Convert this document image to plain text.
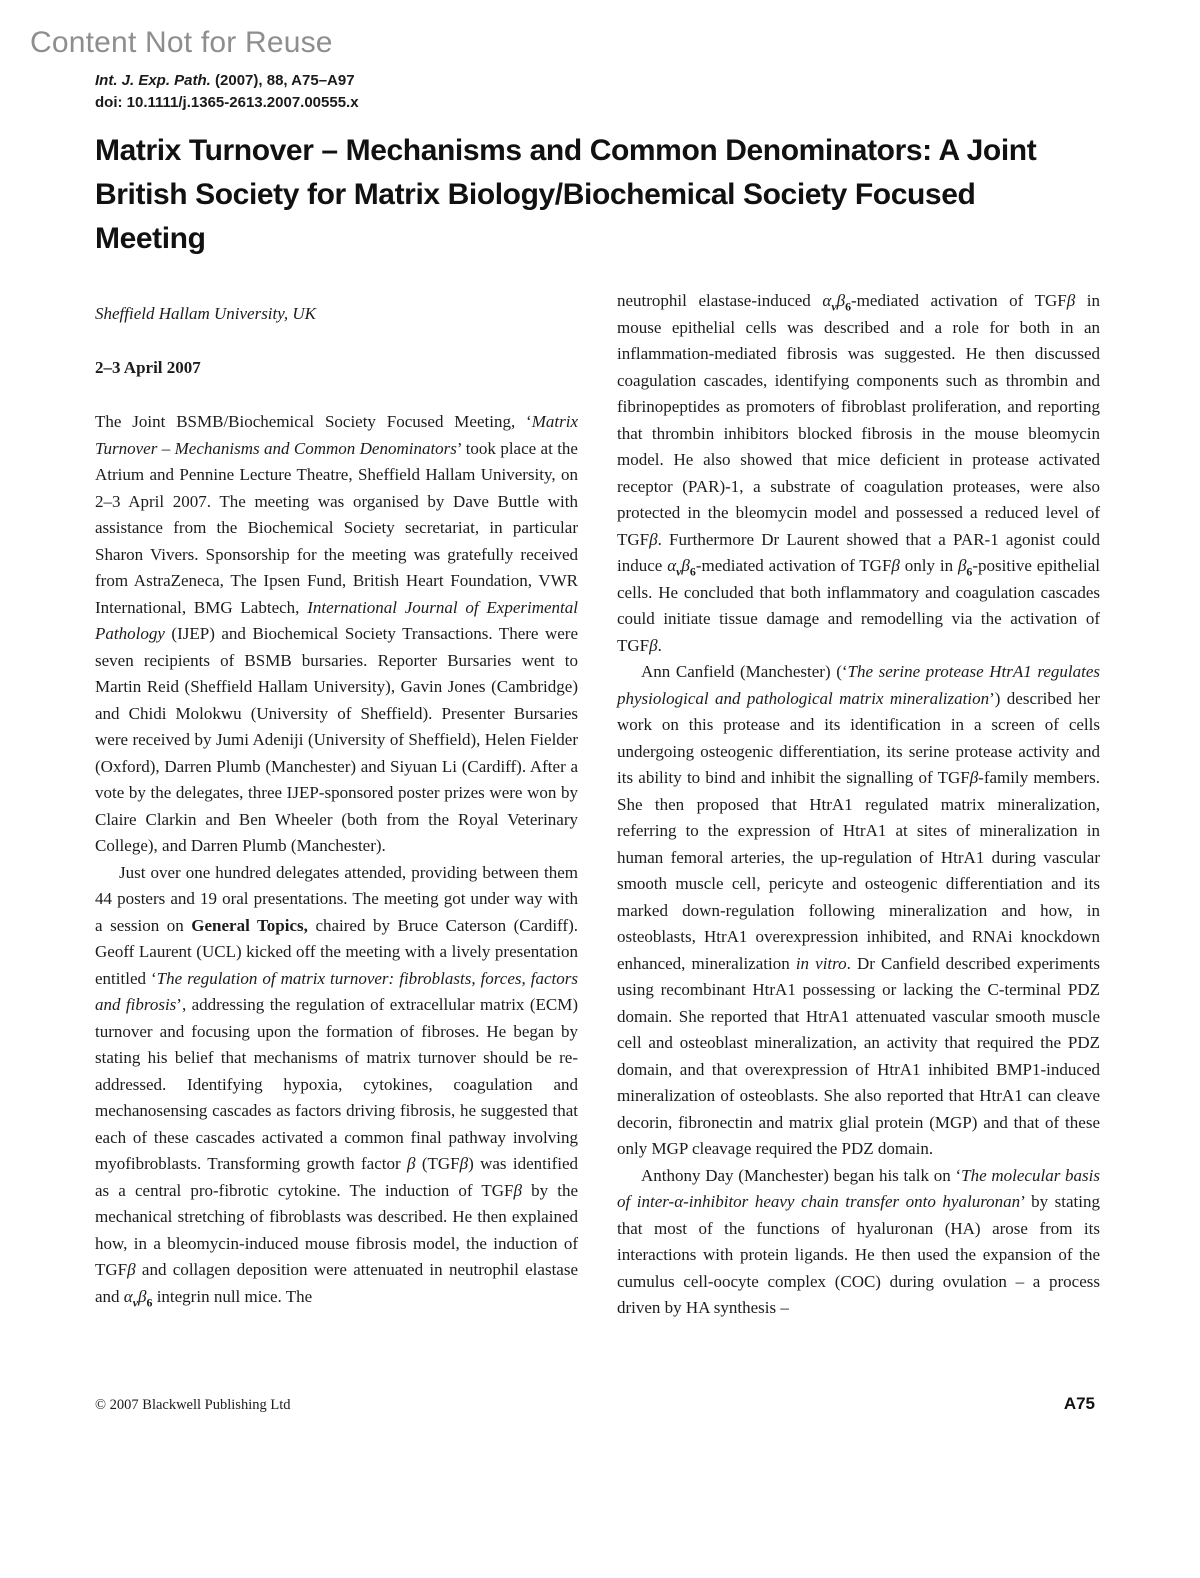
Content Not for Reuse
Int. J. Exp. Path. (2007), 88, A75–A97
doi: 10.1111/j.1365-2613.2007.00555.x
Matrix Turnover – Mechanisms and Common Denominators: A Joint
British Society for Matrix Biology/Biochemical Society Focused
Meeting
Sheffield Hallam University, UK
2–3 April 2007

The Joint BSMB/Biochemical Society Focused Meeting, ‘Matrix Turnover – Mechanisms and Common Denominators’ took place at the Atrium and Pennine Lecture Theatre, Sheffield Hallam University, on 2–3 April 2007. The meeting was organised by Dave Buttle with assistance from the Biochemical Society secretariat, in particular Sharon Vivers. Sponsorship for the meeting was gratefully received from AstraZeneca, The Ipsen Fund, British Heart Foundation, VWR International, BMG Labtech, International Journal of Experimental Pathology (IJEP) and Biochemical Society Transactions. There were seven recipients of BSMB bursaries. Reporter Bursaries went to Martin Reid (Sheffield Hallam University), Gavin Jones (Cambridge) and Chidi Molokwu (University of Sheffield). Presenter Bursaries were received by Jumi Adeniji (University of Sheffield), Helen Fielder (Oxford), Darren Plumb (Manchester) and Siyuan Li (Cardiff). After a vote by the delegates, three IJEP-sponsored poster prizes were won by Claire Clarkin and Ben Wheeler (both from the Royal Veterinary College), and Darren Plumb (Manchester).

Just over one hundred delegates attended, providing between them 44 posters and 19 oral presentations. The meeting got under way with a session on General Topics, chaired by Bruce Caterson (Cardiff). Geoff Laurent (UCL) kicked off the meeting with a lively presentation entitled ‘The regulation of matrix turnover: fibroblasts, forces, factors and fibrosis’, addressing the regulation of extracellular matrix (ECM) turnover and focusing upon the formation of fibroses. He began by stating his belief that mechanisms of matrix turnover should be re-addressed. Identifying hypoxia, cytokines, coagulation and mechanosensing cascades as factors driving fibrosis, he suggested that each of these cascades activated a common final pathway involving myofibroblasts. Transforming growth factor β (TGFβ) was identified as a central pro-fibrotic cytokine. The induction of TGFβ by the mechanical stretching of fibroblasts was described. He then explained how, in a bleomycin-induced mouse fibrosis model, the induction of TGFβ and collagen deposition were attenuated in neutrophil elastase and $\alpha_v\beta_6$ integrin null mice. The

neutrophil elastase-induced $\alpha_v\beta_6$-mediated activation of TGFβ in mouse epithelial cells was described and a role for both in an inflammation-mediated fibrosis was suggested. He then discussed coagulation cascades, identifying components such as thrombin and fibrinopeptides as promoters of fibroblast proliferation, and reporting that thrombin inhibitors blocked fibrosis in the mouse bleomycin model. He also showed that mice deficient in protease activated receptor (PAR)-1, a substrate of coagulation proteases, were also protected in the bleomycin model and possessed a reduced level of TGFβ. Furthermore Dr Laurent showed that a PAR-1 agonist could induce $\alpha_v\beta_6$-mediated activation of TGFβ only in $\beta_6$-positive epithelial cells. He concluded that both inflammatory and coagulation cascades could initiate tissue damage and remodelling via the activation of TGFβ.

Ann Canfield (Manchester) (‘The serine protease HtrA1 regulates physiological and pathological matrix mineralization’) described her work on this protease and its identification in a screen of cells undergoing osteogenic differentiation, its serine protease activity and its ability to bind and inhibit the signalling of TGFβ-family members. She then proposed that HtrA1 regulated matrix mineralization, referring to the expression of HtrA1 at sites of mineralization in human femoral arteries, the up-regulation of HtrA1 during vascular smooth muscle cell, pericyte and osteogenic differentiation and its marked down-regulation following mineralization and how, in osteoblasts, HtrA1 overexpression inhibited, and RNAi knockdown enhanced, mineralization in vitro. Dr Canfield described experiments using recombinant HtrA1 possessing or lacking the C-terminal PDZ domain. She reported that HtrA1 attenuated vascular smooth muscle cell and osteoblast mineralization, an activity that required the PDZ domain, and that overexpression of HtrA1 inhibited BMP1-induced mineralization of osteoblasts. She also reported that HtrA1 can cleave decorin, fibronectin and matrix glial protein (MGP) and that of these only MGP cleavage required the PDZ domain.

Anthony Day (Manchester) began his talk on ‘The molecular basis of inter-α-inhibitor heavy chain transfer onto hyaluronan’ by stating that most of the functions of hyaluronan (HA) arose from its interactions with protein ligands. He then used the expansion of the cumulus cell-oocyte complex (COC) during ovulation – a process driven by HA synthesis –

© 2007 Blackwell Publishing Ltd	A75
